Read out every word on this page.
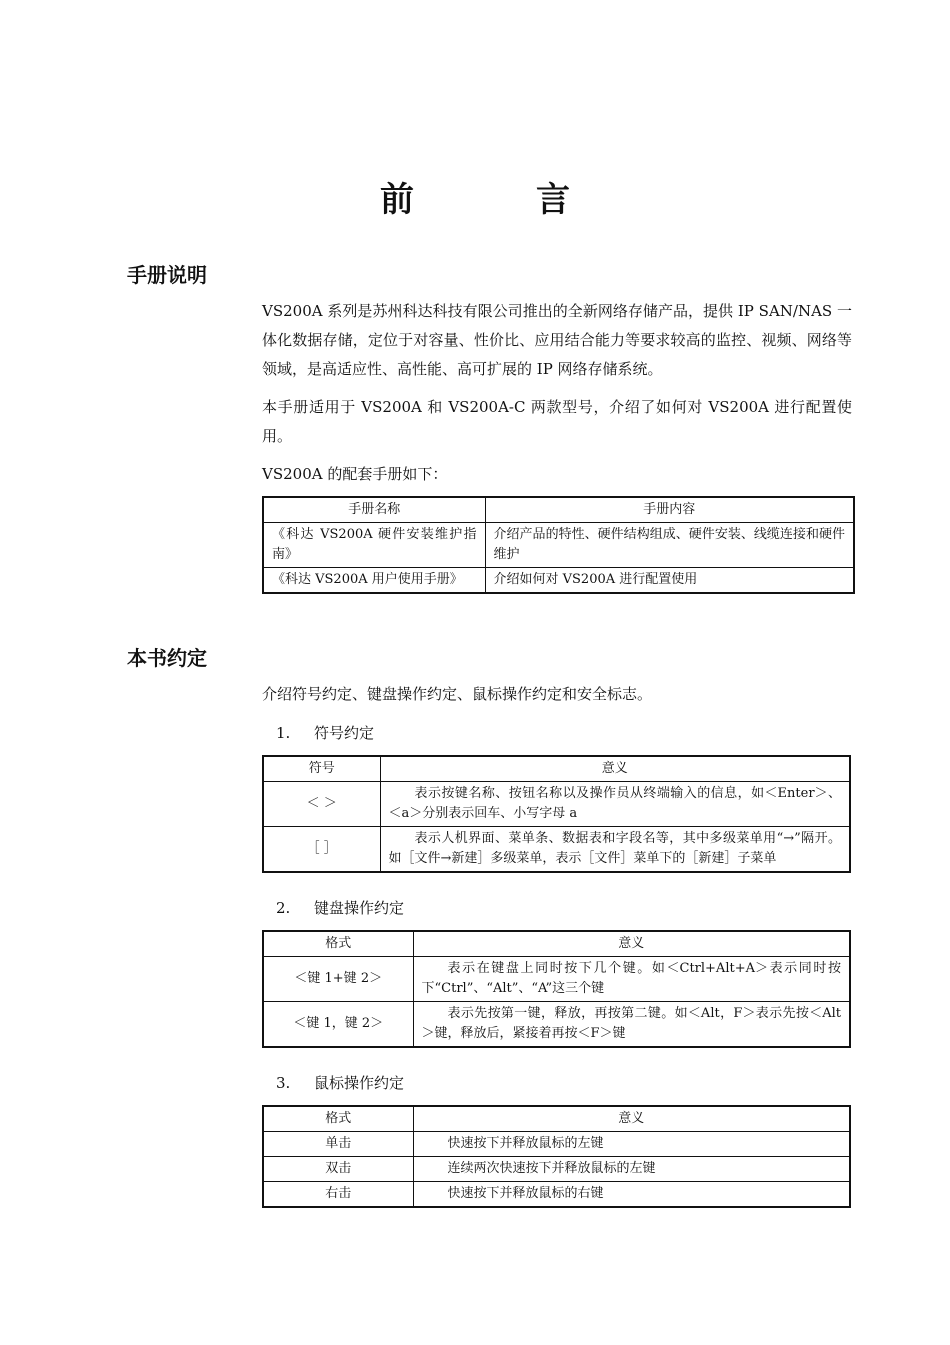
前　言
手册说明

VS200A 系列是苏州科达科技有限公司推出的全新网络存储产品，提供 IP SAN/NAS 一体化数据存储，定位于对容量、性价比、应用结合能力等要求较高的监控、视频、网络等领域，是高适应性、高性能、高可扩展的 IP 网络存储系统。

本手册适用于 VS200A 和 VS200A-C 两款型号，介绍了如何对 VS200A 进行配置使用。

VS200A 的配套手册如下：

手册名称	手册内容
《科达 VS200A 硬件安装维护指南》	介绍产品的特性、硬件结构组成、硬件安装、线缆连接和硬件维护
《科达 VS200A 用户使用手册》	介绍如何对 VS200A 进行配置使用
本书约定

介绍符号约定、键盘操作约定、鼠标操作约定和安全标志。

1. 符号约定

符号	意义
＜ ＞	表示按键名称、按钮名称以及操作员从终端输入的信息，如＜Enter＞、＜a＞分别表示回车、小写字母 a
［ ］	表示人机界面、菜单条、数据表和字段名等，其中多级菜单用“→”隔开。如［文件→新建］多级菜单，表示［文件］菜单下的［新建］子菜单

2. 键盘操作约定

格式	意义
＜键 1+键 2＞	表示在键盘上同时按下几个键。如＜Ctrl+Alt+A＞表示同时按下“Ctrl”、“Alt”、“A”这三个键
＜键 1，键 2＞	表示先按第一键，释放，再按第二键。如＜Alt，F＞表示先按＜Alt＞键，释放后，紧接着再按＜F＞键

3. 鼠标操作约定

格式	意义
单击	快速按下并释放鼠标的左键
双击	连续两次快速按下并释放鼠标的左键
右击	快速按下并释放鼠标的右键
